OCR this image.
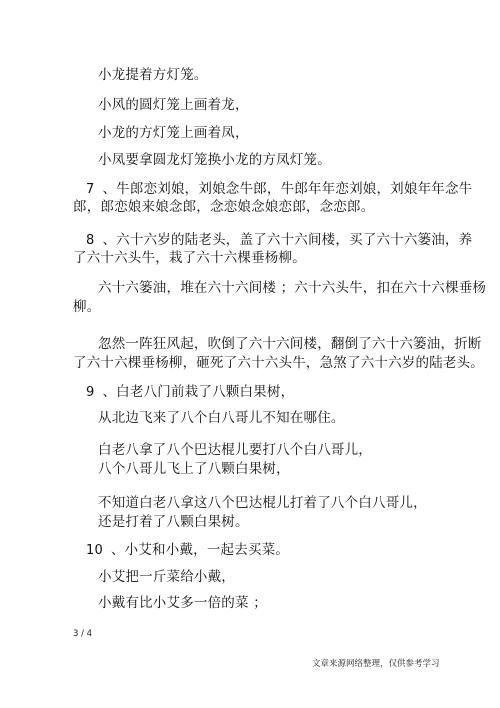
小龙提着方灯笼。
小风的圆灯笼上画着龙，
小龙的方灯笼上画着凤，
小凤要拿圆龙灯笼换小龙的方凤灯笼。
7 、牛郎恋刘娘，刘娘念牛郎，牛郎年年恋刘娘，刘娘年年念牛
郎，郎恋娘来娘念郎，念恋娘念娘恋郎，念恋郎。
8 、六十六岁的陆老头，盖了六十六间楼，买了六十六篓油，养
了六十六头牛，栽了六十六棵垂杨柳。
六十六篓油，堆在六十六间楼 ；六十六头牛，扣在六十六棵垂杨
柳。
忽然一阵狂风起，吹倒了六十六间楼，翻倒了六十六篓油，折断
了六十六棵垂杨柳，砸死了六十六头牛，急煞了六十六岁的陆老头。
9 、白老八门前栽了八颗白果树，
从北边飞来了八个白八哥儿不知在哪住。
白老八拿了八个巴达棍儿要打八个白八哥儿，
八个八哥儿飞上了八颗白果树，
不知道白老八拿这八个巴达棍儿打着了八个白八哥儿，
还是打着了八颗白果树。
10 、小艾和小戴，一起去买菜。
小艾把一斤菜给小戴，
小戴有比小艾多一倍的菜 ；
3 / 4
文章来源网络整理，仅供参考学习
